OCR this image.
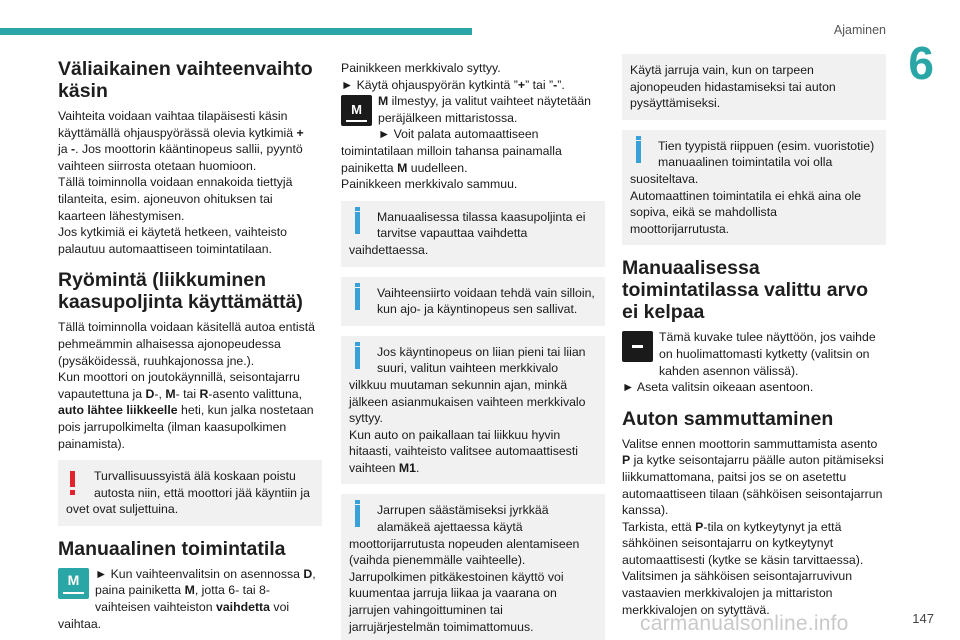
Ajaminen
6
Väliaikainen vaihteenvaihto käsin

Vaihteita voidaan vaihtaa tilapäisesti käsin käyttämällä ohjauspyörässä olevia kytkimiä +
ja -. Jos moottorin kääntinopeus sallii, pyyntö vaihteen siirrosta otetaan huomioon.
Tällä toiminnolla voidaan ennakoida tiettyjä tilanteita, esim. ajoneuvon ohituksen tai kaarteen lähestymisen.
Jos kytkimiä ei käytetä hetkeen, vaihteisto palautuu automaattiseen toimintatilaan.

Ryömintä (liikkuminen kaasupoljinta käyttämättä)

Tällä toiminnolla voidaan käsitellä autoa entistä pehmeämmin alhaisessa ajonopeudessa (pysäköidessä, ruuhkajonossa jne.).
Kun moottori on joutokäynnillä, seisontajarru vapautettuna ja D-, M- tai R-asento valittuna, auto lähtee liikkeelle heti, kun jalka nostetaan pois jarrupolkimelta (ilman kaasupolkimen painamista).

Turvallisuussyistä älä koskaan poistu autosta niin, että moottori jää käyntiin ja ovet ovat suljettuina.
Manuaalinen toimintatila

M	► Kun vaihteenvalitsin on asennossa D, paina painiketta M, jotta 6- tai 8-vaihteisen vaihteiston vaihdetta voi vaihtaa.

Painikkeen merkkivalo syttyy.
► Käytä ohjauspyörän kytkintä ”+” tai ”-”.

M
M ilmestyy, ja valitut vaihteet näytetään peräjälkeen mittaristossa.

► Voit palata automaattiseen toimintatilaan milloin tahansa painamalla painiketta M uudelleen.
Painikkeen merkkivalo sammuu.

Manuaalisessa tilassa kaasupoljinta ei tarvitse vapauttaa vaihdetta vaihdettaessa.
Vaihteensiirto voidaan tehdä vain silloin, kun ajo- ja käyntinopeus sen sallivat.
Jos käyntinopeus on liian pieni tai liian suuri, valitun vaihteen merkkivalo vilkkuu muutaman sekunnin ajan, minkä jälkeen asianmukaisen vaihteen merkkivalo syttyy.
Kun auto on paikallaan tai liikkuu hyvin hitaasti, vaihteisto valitsee automaattisesti vaihteen M1.
Jarrupen säästämiseksi jyrkkää alamäkeä ajettaessa käytä moottorijarrutusta nopeuden alentamiseen (vaihda pienemmälle vaihteelle).
Jarrupolkimen pitkäkestoinen käyttö voi kuumentaa jarruja liikaa ja vaarana on jarrujen vahingoittuminen tai jarrujärjestelmän toimimattomuus.
Käytä jarruja vain, kun on tarpeen ajonopeuden hidastamiseksi tai auton pysäyttämiseksi.
Tien tyypistä riippuen (esim. vuoristotie) manuaalinen toimintatila voi olla suositeltava.
Automaattinen toimintatila ei ehkä aina ole sopiva, eikä se mahdollista moottorijarrutusta.
Manuaalisessa toimintatilassa valittu arvo ei kelpaa

Tämä kuvake tulee näyttöön, jos vaihde on huolimattomasti kytketty (valitsin on kahden asennon välissä).
► Aseta valitsin oikeaan asentoon.

Auton sammuttaminen

Valitse ennen moottorin sammuttamista asento P ja kytke seisontajarru päälle auton pitämiseksi liikkumattomana, paitsi jos se on asetettu automaattiseen tilaan (sähköisen seisontajarrun kanssa).
Tarkista, että P-tila on kytkeytynyt ja että sähköinen seisontajarru on kytkeytynyt automaattisesti (kytke se käsin tarvittaessa).
Valitsimen ja sähköisen seisontajarruvivun vastaavien merkkivalojen ja mittariston merkkivalojen on sytyttävä.

147
carmanualsonline.info
